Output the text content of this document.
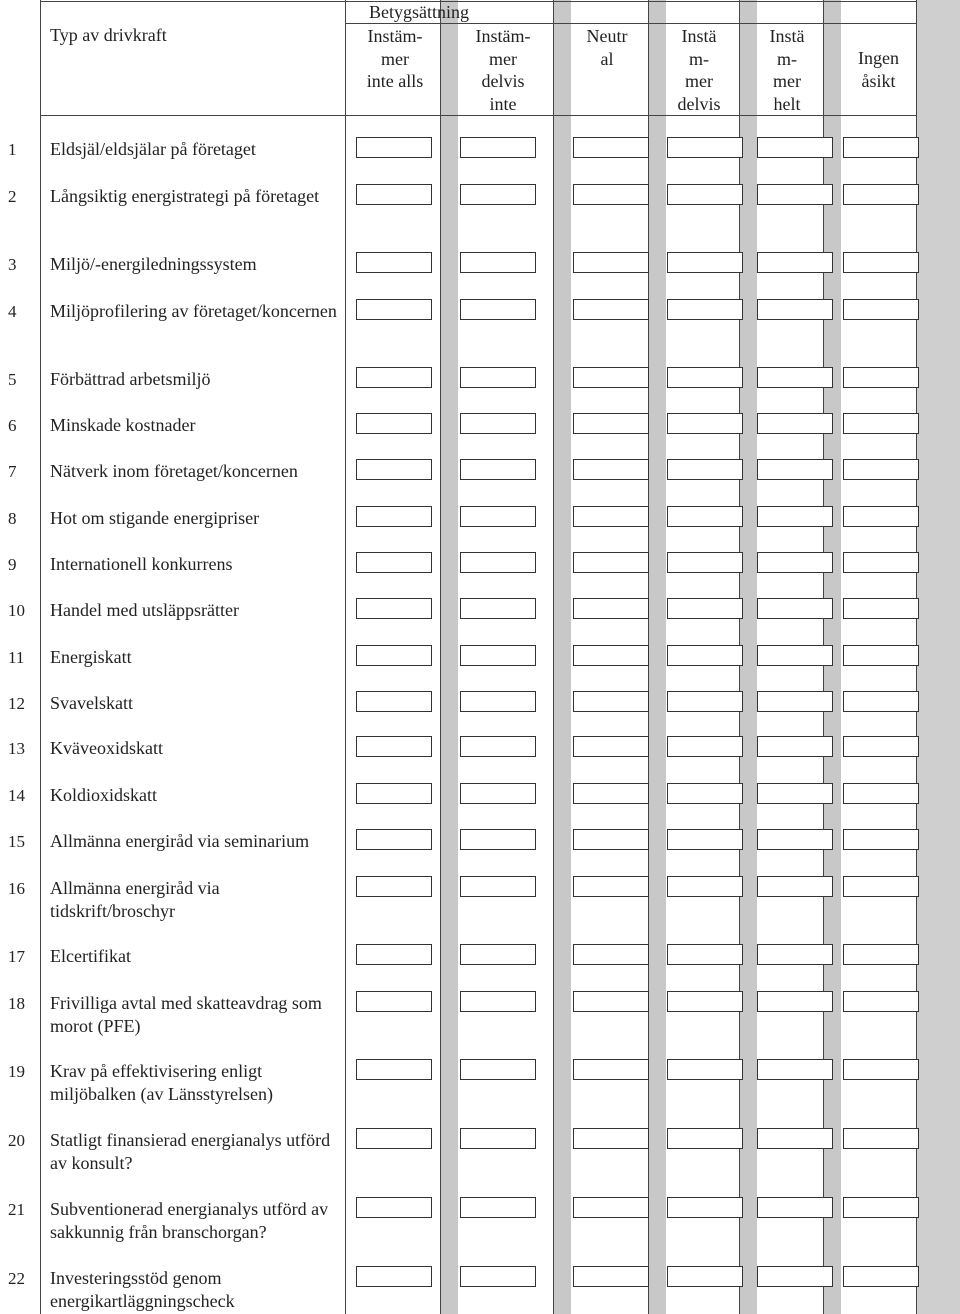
Betygsättning
Typ av drivkraft	Instäm-
mer
inte alls
Instäm-
mer
delvis
inte
Neutr
al
Instä
m-
mer
delvis
Instä
m-
mer
helt
Ingen
åsikt
1 Eldsjäl/eldsjälar på företaget
2 Långsiktig energistrategi på företaget
3 Miljö/-energiledningssystem
4 Miljöprofilering av företaget/koncernen
5 Förbättrad arbetsmiljö
6 Minskade kostnader
7 Nätverk inom företaget/koncernen
8 Hot om stigande energipriser
9 Internationell konkurrens
10 Handel med utsläppsrätter
11 Energiskatt
12 Svavelskatt
13 Kväveoxidskatt
14 Koldioxidskatt
15 Allmänna energiråd via seminarium
16 Allmänna energiråd via tidskrift/broschyr
17 Elcertifikat
18 Frivilliga avtal med skatteavdrag som morot (PFE)
19 Krav på effektivisering enligt miljöbalken (av Länsstyrelsen)
20 Statligt finansierad energianalys utförd av konsult?
21 Subventionerad energianalys utförd av sakkunnig från branschorgan?
22 Investeringsstöd genom energikartläggningscheck
